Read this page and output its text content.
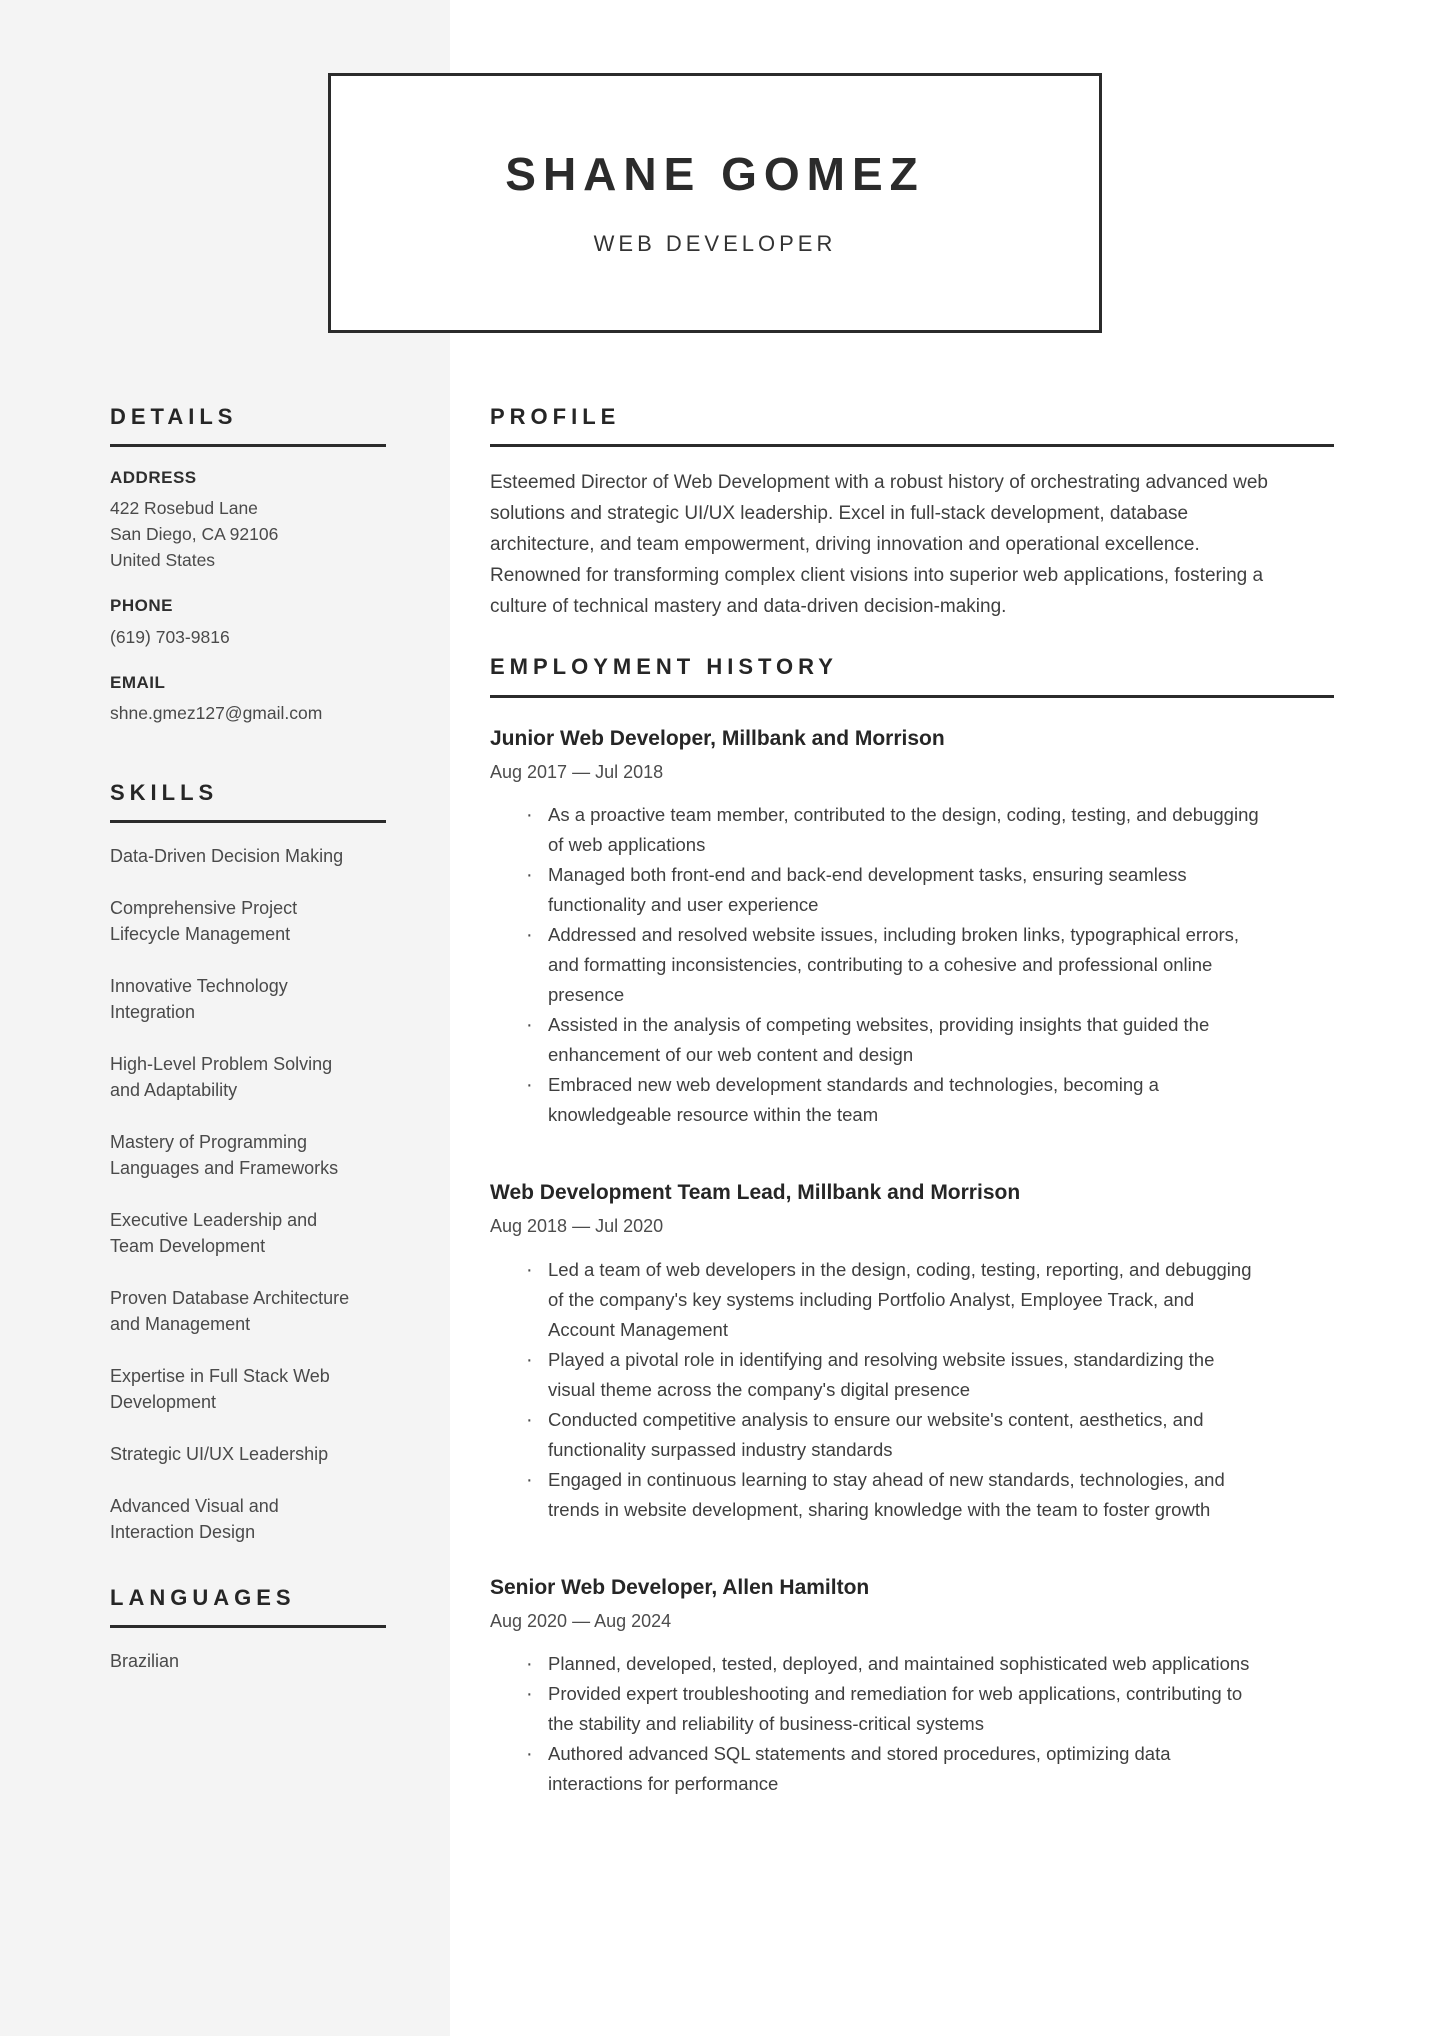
SHANE GOMEZ
WEB DEVELOPER
DETAILS
ADDRESS
422 Rosebud Lane
San Diego, CA 92106
United States
PHONE
(619) 703-9816
EMAIL
shne.gmez127@gmail.com
SKILLS
Data-Driven Decision Making
Comprehensive Project Lifecycle Management
Innovative Technology Integration
High-Level Problem Solving and Adaptability
Mastery of Programming Languages and Frameworks
Executive Leadership and Team Development
Proven Database Architecture and Management
Expertise in Full Stack Web Development
Strategic UI/UX Leadership
Advanced Visual and Interaction Design
LANGUAGES
Brazilian
PROFILE
Esteemed Director of Web Development with a robust history of orchestrating advanced web solutions and strategic UI/UX leadership. Excel in full-stack development, database architecture, and team empowerment, driving innovation and operational excellence. Renowned for transforming complex client visions into superior web applications, fostering a culture of technical mastery and data-driven decision-making.
EMPLOYMENT HISTORY
Junior Web Developer, Millbank and Morrison
Aug 2017 — Jul 2018
· As a proactive team member, contributed to the design, coding, testing, and debugging of web applications
· Managed both front-end and back-end development tasks, ensuring seamless functionality and user experience
· Addressed and resolved website issues, including broken links, typographical errors, and formatting inconsistencies, contributing to a cohesive and professional online presence
· Assisted in the analysis of competing websites, providing insights that guided the enhancement of our web content and design
· Embraced new web development standards and technologies, becoming a knowledgeable resource within the team
Web Development Team Lead, Millbank and Morrison
Aug 2018 — Jul 2020
· Led a team of web developers in the design, coding, testing, reporting, and debugging of the company's key systems including Portfolio Analyst, Employee Track, and Account Management
· Played a pivotal role in identifying and resolving website issues, standardizing the visual theme across the company's digital presence
· Conducted competitive analysis to ensure our website's content, aesthetics, and functionality surpassed industry standards
· Engaged in continuous learning to stay ahead of new standards, technologies, and trends in website development, sharing knowledge with the team to foster growth
Senior Web Developer, Allen Hamilton
Aug 2020 — Aug 2024
· Planned, developed, tested, deployed, and maintained sophisticated web applications
· Provided expert troubleshooting and remediation for web applications, contributing to the stability and reliability of business-critical systems
· Authored advanced SQL statements and stored procedures, optimizing data interactions for performance
